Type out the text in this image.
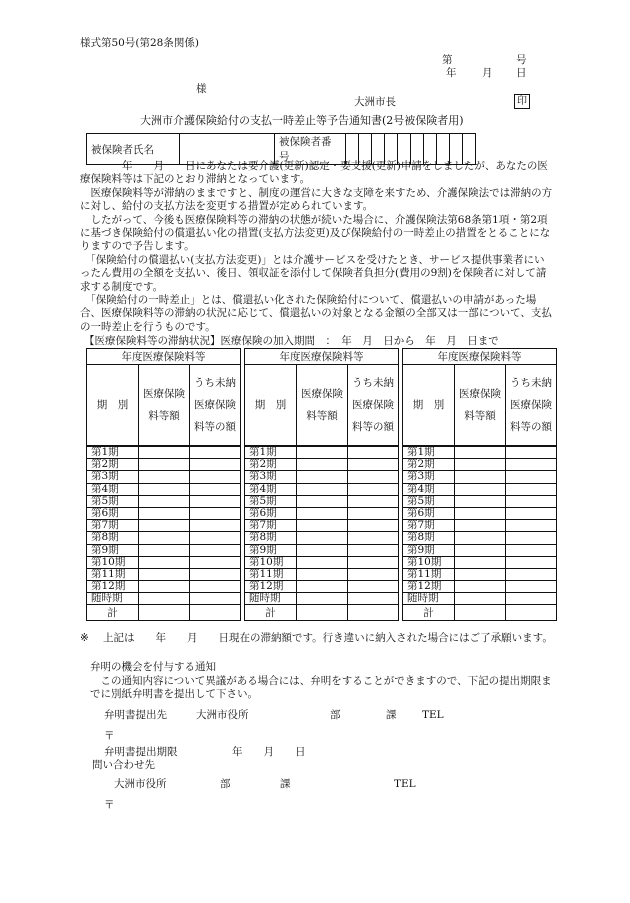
様式第50号(第28条関係)
第	号
年 月 日
様
大洲市長	印
大洲市介護保険給付の支払一時差止等予告通知書(2号被保険者用)
被保険者氏名		被保険者番号										

　　　　年　　月　　日にあなたは要介護(更新)認定・要支援(更新)申請をしましたが、あなたの医療保険料等は下記のとおり滞納となっています。

　医療保険料等が滞納のままですと、制度の運営に大きな支障を来すため、介護保険法では滞納の方に対し、給付の支払方法を変更する措置が定められています。

　したがって、今後も医療保険料等の滞納の状態が続いた場合に、介護保険法第68条第1項・第2項に基づき保険給付の償還払い化の措置(支払方法変更)及び保険給付の一時差止の措置をとることになりますので予告します。

　「保険給付の償還払い(支払方法変更)」とは介護サービスを受けたとき、サービス提供事業者にいったん費用の全額を支払い、後日、領収証を添付して保険者負担分(費用の9割)を保険者に対して請求する制度です。

　「保険給付の一時差止」とは、償還払い化された保険給付について、償還払いの申請があった場合、医療保険料等の滞納の状況に応じて、償還払いの対象となる金額の全部又は一部について、支払の一時差止を行うものです。

【医療保険料等の滞納状況】医療保険の加入期間　：　年　月　日から　年　月　日まで
年度医療保険料等		
期　別	医療保険料等額	うち未納医療保険料等の額
第1期		
第2期		
第3期		
第4期		
第5期		
第6期		
第7期		
第8期		
第9期		
第10期		
第11期		
第12期		
随時期		
計		
年度医療保険料等		
期　別	医療保険料等額	うち未納医療保険料等の額
第1期		
第2期		
第3期		
第4期		
第5期		
第6期		
第7期		
第8期		
第9期		
第10期		
第11期		
第12期		
随時期		
計		
年度医療保険料等		
期　別	医療保険料等額	うち未納医療保険料等の額
第1期		
第2期		
第3期		
第4期		
第5期		
第6期		
第7期		
第8期		
第9期		
第10期		
第11期		
第12期		
随時期		
計		
※ 上記は　　年　　月　　日現在の滞納額です。行き違いに納入された場合にはご了承願います。
弁明の機会を付与する通知
　この通知内容について異議がある場合には、弁明をすることができますので、下記の提出期限までに別紙弁明書を提出して下さい。
弁明書提出先	大洲市役所	部	課 TEL
〒
弁明書提出期限	年　　月　　日
問い合わせ先
大洲市役所	部	課	TEL
〒
